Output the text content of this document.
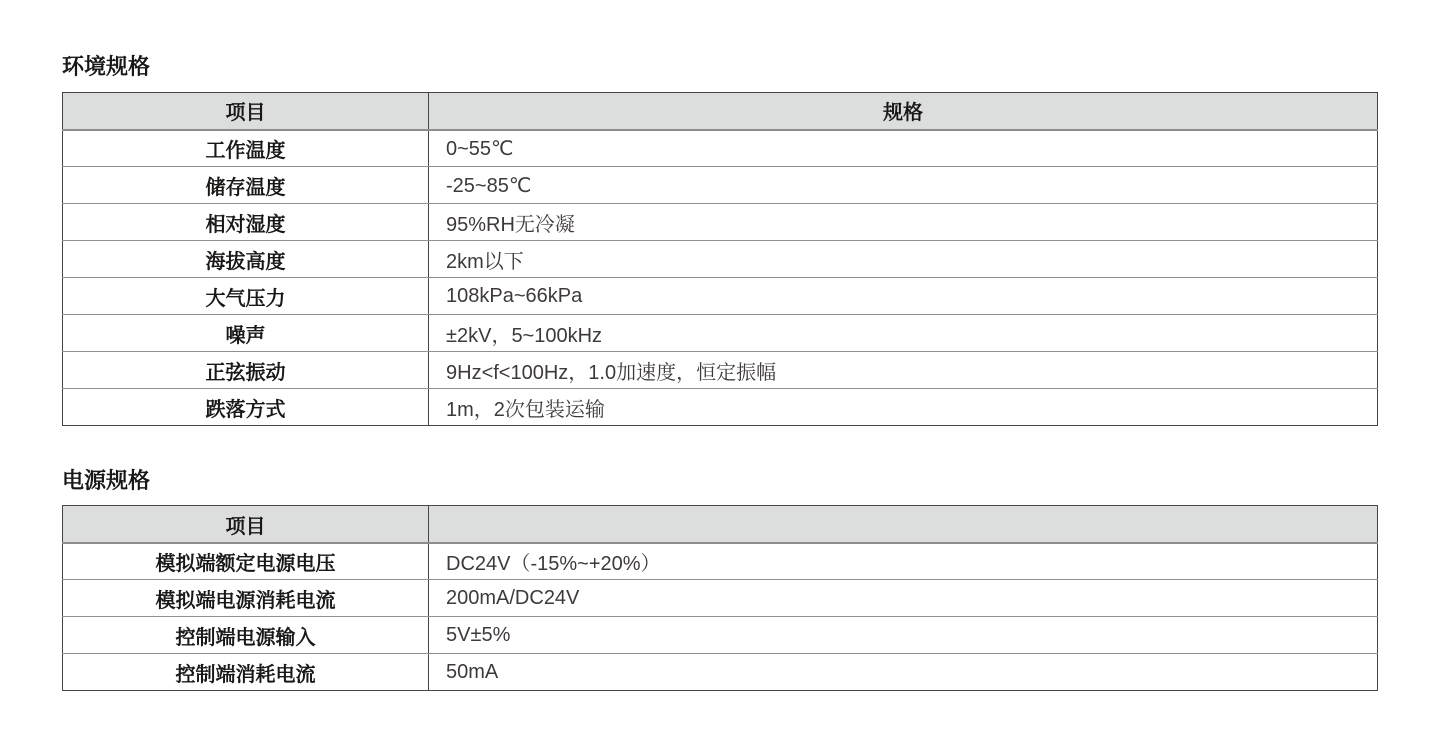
环境规格
项目	规格
工作温度	0~55℃
储存温度	-25~85℃
相对湿度	95%RH无冷凝
海拔高度	2km以下
大气压力	108kPa~66kPa
噪声	±2kV，5~100kHz
正弦振动	9Hz<f<100Hz，1.0加速度，恒定振幅
跌落方式	1m，2次包装运输
电源规格
项目	
模拟端额定电源电压	DC24V（-15%~+20%）
模拟端电源消耗电流	200mA/DC24V
控制端电源输入	5V±5%
控制端消耗电流	50mA
